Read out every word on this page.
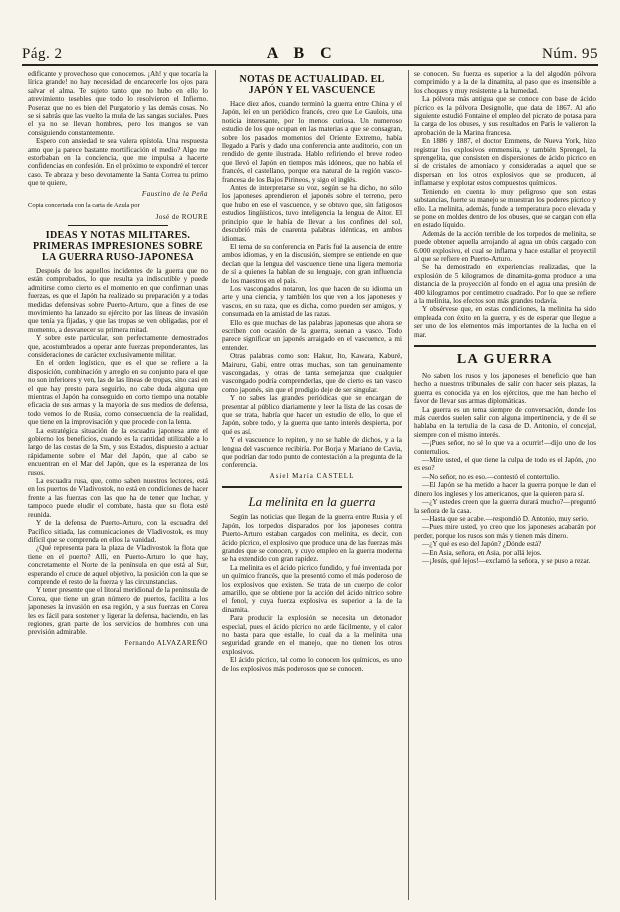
Pág. 2	A B C	Núm. 95

edificante y provechoso que conocemos. ¡Ah! y que tocaría la lírica grande! no hay necesidad de encarecerle los ojos para salvar el alma. Te sujeto tanto que no hubo en ello lo atrevimiento tesebles que todo lo resolvieron el Infierno. Poseraz que no es bien del Purgatorio y las demás cosas. No se si sabrás que las vuelto la mula de las sangas suciales. Pues el ya no se llevan hombres, pero los mangos se van consiguiendo constantemente.

Espero con ansiedad te sea valera epístola. Una respuesta amo que ja parece bastante mortificación el medio? Algo me estorbaban en la conciencia, que me impulsa a hacerte confidencias en confesión. En el próximo te expondré el tercer caso. Te abraza y beso devotamente la Santa Correa tu primo que te quiere,

Faustino de la Peña

Copia concertada con la carta de Azula por

José de ROURE

IDEAS Y NOTAS MILITARES. PRIMERAS IMPRESIONES SOBRE LA GUERRA RUSO-JAPONESA

Después de los aquellos incidentes de la guerra que no están comprobados, lo que resulta ya indiscutible y puede admitirse como cierto es el momento en que confirman unas fuerzas, es que el Japón ha realizado su preparación y a todas medidas defensivas sobre Puerto-Arturo, que a fines de ese movimiento ha lanzado su ejército por las líneas de invasión que tenía ya fijadas, y que las tropas se ven obligadas, por el momento, a desvanecer su primera mitad.

Y sobre este particular, son perfectamente demostrados que, acostumbrados a operar ante fuerzas preponderantes, las consideraciones de carácter exclusivamente militar.

En el orden logístico, que es el que se refiere a la disposición, combinación y arreglo en su conjunto para el que no son inferiores y ven, las de las líneas de tropas, sino casi en el que hay presto para seguirlo, no cabe duda alguna que mientras el Japón ha conseguido en corto tiempo una notable eficacia de sus armas y la mayoría de sus medios de defensa, todo vemos lo de Rusia, como consecuencia de la realidad, que tiene en la improvisación y que procede con la lenta.

La estratégica situación de la escuadra japonesa ante el gobierno los beneficios, cuando es la cantidad utilizable a lo largo de las costas de la Sm, y sus Estados, dispuesto a actuar rápidamente sobre el Mar del Japón, que al cabo se encuentran en el Mar del Japón, que es la esperanza de los rusos.

La escuadra rusa, que, como saben nuestros lectores, está en los puertos de Vladivostok, no está en condiciones de hacer frente a las fuerzas con las que ha de tener que luchar, y tampoco puede eludir el combate, hasta que su flota esté reunida.

Y de la defensa de Puerto-Arturo, con la escuadra del Pacífico sitiada, las comunicaciones de Vladivostok, es muy difícil que se comprenda en ellos la vanidad.

¿Qué representa para la plaza de Vladivostok la flota que tiene en el puerto? Allí, en Puerto-Arturo lo que hay, concretamente el Norte de la península en que está al Sur, esperando el cruce de aquel objetivo, la posición con la que se comprende el resto de la fuerza y las circunstancias.

Y tener presente que el litoral meridional de la península de Corea, que tiene un gran número de puertos, facilita a los japoneses la invasión en esa región, y a sus fuerzas en Corea les es fácil para sostener y ligerar la defensa, haciendo, en las regiones, gran parte de los servicios de hombres con una previsión admirable.

Fernando ALVAZAREÑO

NOTAS DE ACTUALIDAD. EL JAPÓN Y EL VASCUENCE

Hace diez años, cuando terminó la guerra entre China y el Japón, leí en un periódico francés, creo que Le Gaulois, una noticia interesante, por lo menos curiosa. Un numeroso estudio de los que ocupan en las materias a que se consagran, sobre los pasados momentos del Oriente Extremo, había llegado a París y dado una conferencia ante auditorio, con un rendido de gente ilustrada. Hablo refiriendo el breve rodeo que llevó el Japón en tiempos más idóneos, que no había el francés, el castellano, porque era natural de la región vasco-francesa de los Bajos Pirineos, y sigo el inglés.

Antes de interpretarse su voz, según se ha dicho, no sólo los japoneses aprendieron el japonés sobre el terreno, pero que hubo en ese el vascuence, y se obtuvo que, sin fatigosos estudios lingüísticos, tuvo inteligencia la lengua de Aitor. El principio que le había de llevar a los confines del sol, descubrió más de cuarenta palabras idénticas, en ambos idiomas.

El tema de su conferencia en París fué la ausencia de entre ambos idiomas, y en la discusión, siempre se entiende en que decían que la lengua del vascuence tiene una ligera memoria de sí a quienes la hablan de su lenguaje, con gran influencia de los maestros en el país.

Los vascongados notaron, los que hacen de su idioma un arte y una ciencia, y también los que ven a los japoneses y vascos, en su raza, que es dicha, como pueden ser amigos, y consumada en la amistad de las razas.

Ello es que muchas de las palabras japonesas que ahora se escriben con ocasión de la guerra, suenan a vasco. Todo parece significar un japonés arraigado en el vascuence, a mi entender.

Otras palabras como son: Hakur, Ito, Kawara, Kaburé, Mairuru, Gabi, entre otras muchas, son tan genuinamente vascongadas, y otras de tanta semejanza que cualquier vascongado podría comprenderlas, que de cierto es tan vasco como japonés, sin que el prodigio deje de ser singular.

Y no sabes las grandes periódicas que se encargan de presentar al público diariamente y leer la lista de las cosas de que se trata, habría que hacer un estudio de ello, lo que el Japón, sobre todo, y la guerra que tanto interés despierta, por qué es así.

Y el vascuence lo repiten, y no se hable de dichos, y a la lengua del vascuence recibiría. Por Borja y Mariano de Cavia, que podrían dar todo punto de contestación a la pregunta de la conferencia.

Asiel María CASTELL

La melinita en la guerra

Según las noticias que llegan de la guerra entre Rusia y el Japón, los torpedos disparados por los japoneses contra Puerto-Arturo estaban cargados con melinita, es decir, con ácido pícrico, el explosivo que produce una de las fuerzas más grandes que se conocen, y cuyo empleo en la guerra moderna se ha extendido con gran rapidez.

La melinita es el ácido pícrico fundido, y fué inventada por un químico francés, que la presentó como el más poderoso de los explosivos que existen. Se trata de un cuerpo de color amarillo, que se obtiene por la acción del ácido nítrico sobre el fenol, y cuya fuerza explosiva es superior a la de la dinamita.

Para producir la explosión se necesita un detonador especial, pues el ácido pícrico no arde fácilmente, y el calor no basta para que estalle, lo cual da a la melinita una seguridad grande en el manejo, que no tienen los otros explosivos.

El ácido pícrico, tal como lo conocen los químicos, es uno de los explosivos más poderosos que se conocen.

se conocen. Su fuerza es superior a la del algodón pólvora comprimido y a la de la dinamita, al paso que es insensible a los choques y muy resistente a la humedad.

La pólvora más antigua que se conoce con base de ácido pícrico es la pólvora Designolle, que data de 1867. Al año siguiente estudió Fontaine el empleo del picrato de potasa para la carga de los obuses, y sus resultados en París le valieron la aprobación de la Marina francesa.

En 1886 y 1887, el doctor Emmens, de Nueva York, hizo registrar los explosivos emmensita, y también Sprengel, la sprengelita, que consisten en dispersiones de ácido pícrico en sí de cristales de amoníaco y consideradas a aquel que se dispersan en los otros explosivos que se producen, al inflamarse y explotar estos compuestos químicos.

Teniendo en cuenta lo muy peligroso que son estas substancias, fuerte su manejo se muestran los poderes pícrico y ello. La melinita, además, funde a temperatura poco elevada y se pone en moldes dentro de los obuses, que se cargan con ella en estado líquido.

Además de la acción terrible de los torpedos de melinita, se puede obtener aquella arrojando al agua un obús cargado con 6.000 explosivo, el cual se inflama y hace estallar el proyectil al que se refiere en Puerto-Arturo.

Se ha demostrado en experiencias realizadas, que la explosión de 5 kilogramos de dinamita-goma produce a una distancia de la proyección al fondo en el agua una presión de 400 kilogramos por centímetro cuadrado. Por lo que se refiere a la melinita, los efectos son más grandes todavía.

Y obsérvese que, en estas condiciones, la melinita ha sido empleada con éxito en la guerra, y es de esperar que llegue a ser uno de los elementos más importantes de la lucha en el mar.

LA GUERRA

No saben los rusos y los japoneses el beneficio que han hecho a nuestros tribunales de salir con hacer seis plazas, la guerra es conocida ya en los ejércitos, que me han hecho el favor de llevar sus armas diplomáticas.

La guerra es un tema siempre de conversación, donde los más cuerdos suelen salir con alguna impertinencia, y de él se hablaba en la tertulia de la casa de D. Antonio, el concejal, siempre con el mismo interés.

—¡Pues señor, no sé lo que va a ocurrir!—dijo uno de los contertulios.

—Mire usted, el que tiene la culpa de todo es el Japón, ¿no es eso?

—No señor, no es eso.—contestó el contertulio.

—El Japón se ha metido a hacer la guerra porque le dan el dinero los ingleses y los americanos, que la quieren para sí.

—¿Y ustedes creen que la guerra durará mucho?—preguntó la señora de la casa.

—Hasta que se acabe.—respondió D. Antonio, muy serio.

—Pues mire usted, yo creo que los japoneses acabarán por perder, porque los rusos son más y tienen más dinero.

—¿Y qué es eso del Japón? ¿Dónde está?

—En Asia, señora, en Asia, por allá lejos.

—¡Jesús, qué lejos!—exclamó la señora, y se puso a rezar.
